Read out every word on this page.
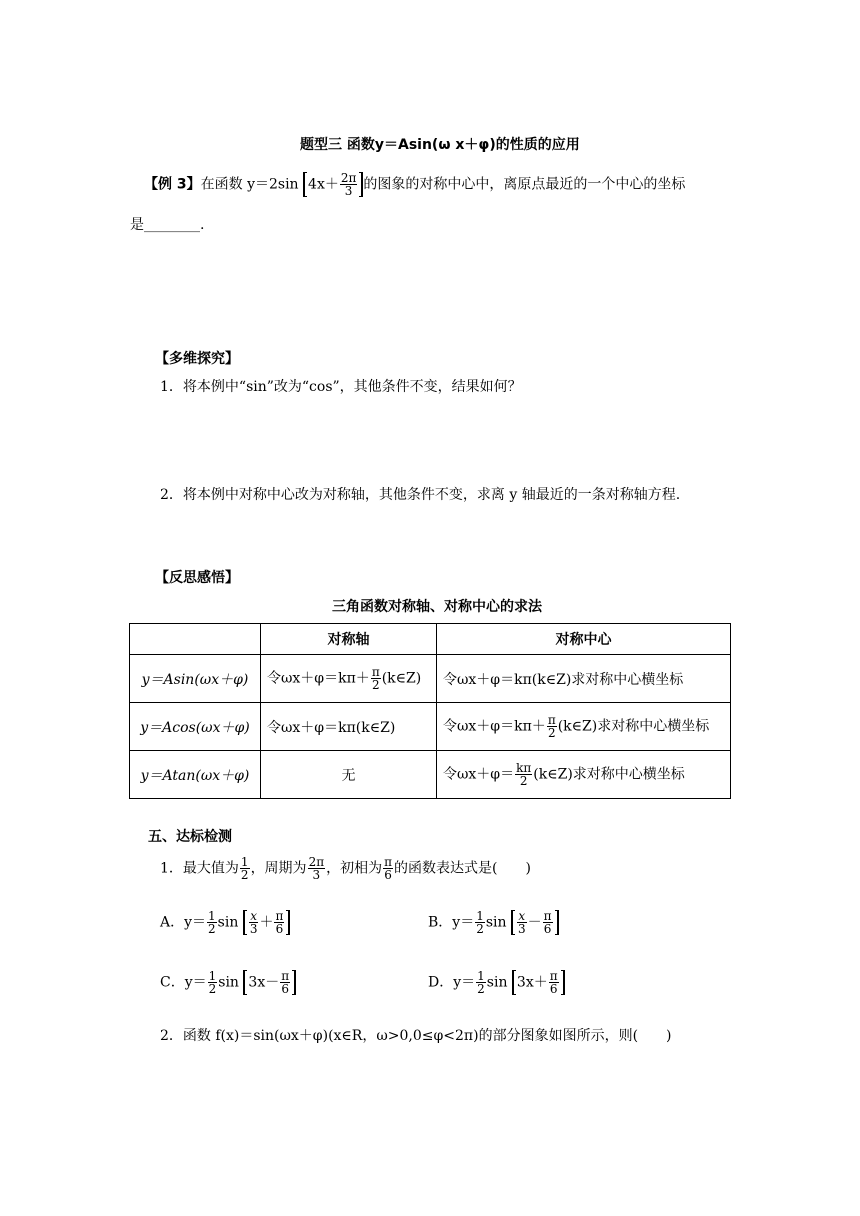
题型三 函数y＝Asin(ω x＋φ)的性质的应用
【例 3】在函数 y＝2sin $4x+ \frac{2\pi}{3}$ 的图象的对称中心中，离原点最近的一个中心的坐标
是________.
【多维探究】
1．将本例中“sin”改为“cos”，其他条件不变，结果如何？
2．将本例中对称中心改为对称轴，其他条件不变，求离 y 轴最近的一条对称轴方程.
【反思感悟】
三角函数对称轴、对称中心的求法
	对称轴	对称中心
y＝Asin(ωx＋φ)	令$\omega x+\varphi=k\pi+ \frac{\pi}{2}$ (k∈Z)	令ωx＋φ＝kπ(k∈Z)求对称中心横坐标
y＝Acos(ωx＋φ)	令ωx＋φ＝kπ(k∈Z)	令$\omega x+\varphi=k\pi+ \frac{\pi}{2}$ (k∈Z)求对称中心横坐标
y＝Atan(ωx＋φ)	无	令$\omega x+\varphi= \frac{k\pi}{2}$ (k∈Z)求对称中心横坐标
五、达标检测
1．最大值为 $\frac{1}{2}$ ，周期为 $\frac{2\pi}{3}$ ，初相为 $\frac{\pi}{6}$ 的函数表达式是(　　)
A．$y= \frac{1}{2}$ $\sin \frac{x}{3} + \frac{\pi}{6}$	B．$y= \frac{1}{2}$ $\sin \frac{x}{3} - \frac{\pi}{6}$
C．$y= \frac{1}{2}$ $\sin 3x- \frac{\pi}{6}$	D．$y= \frac{1}{2}$ $\sin 3x+ \frac{\pi}{6}$
2．函数 f(x)＝sin(ωx＋φ)(x∈R，ω>0,0≤φ<2π)的部分图象如图所示，则(　　)
